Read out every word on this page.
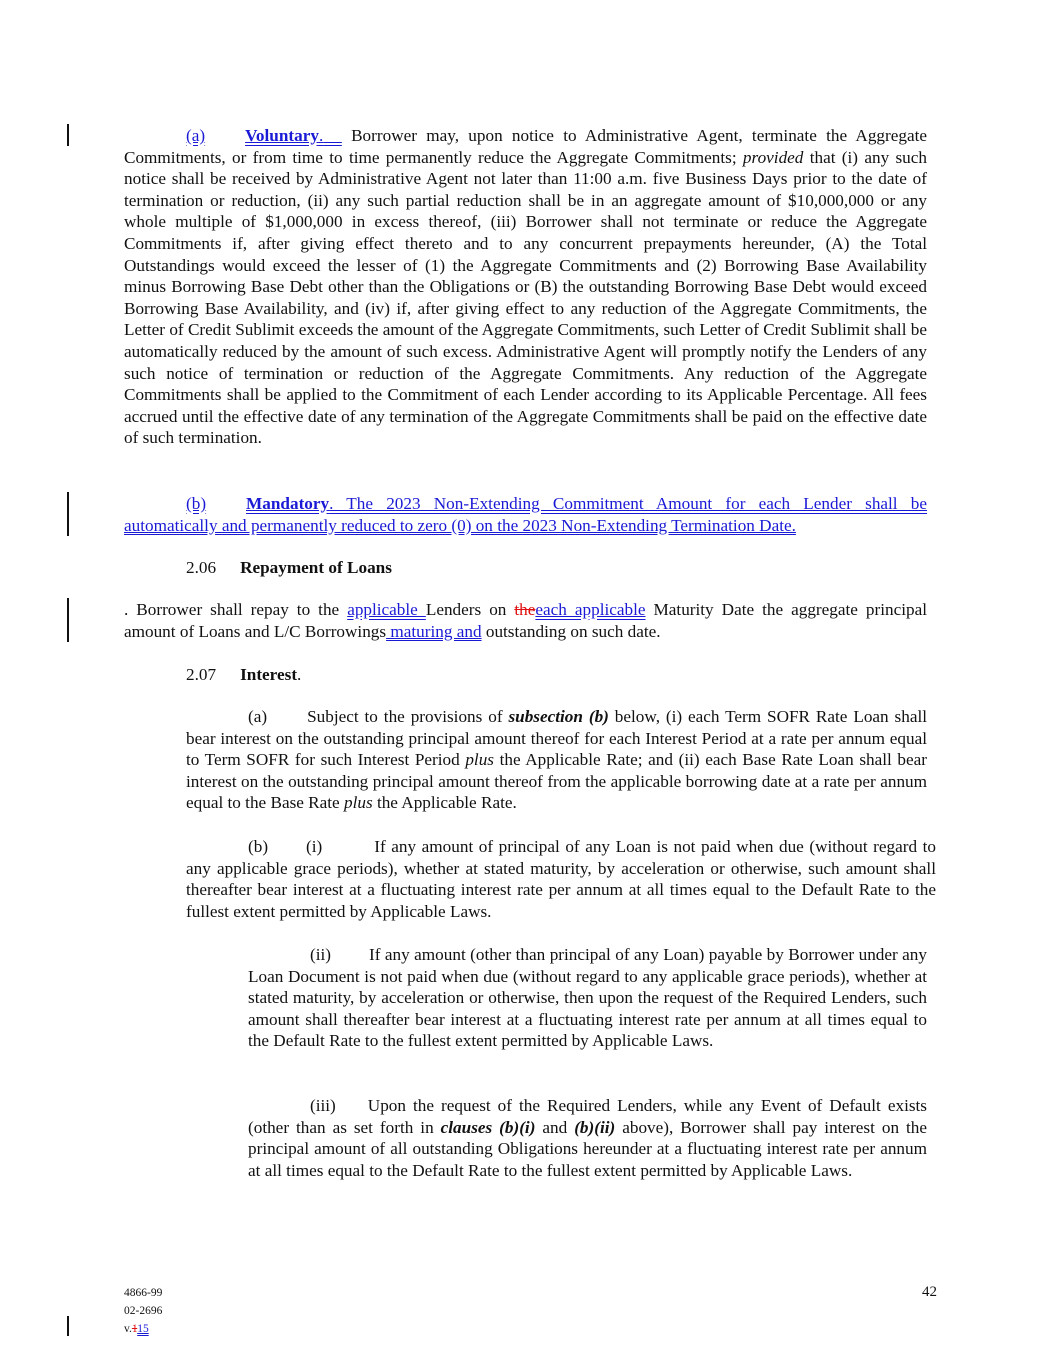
(a) Voluntary. Borrower may, upon notice to Administrative Agent, terminate the Aggregate Commitments, or from time to time permanently reduce the Aggregate Commitments; provided that (i) any such notice shall be received by Administrative Agent not later than 11:00 a.m. five Business Days prior to the date of termination or reduction, (ii) any such partial reduction shall be in an aggregate amount of $10,000,000 or any whole multiple of $1,000,000 in excess thereof, (iii) Borrower shall not terminate or reduce the Aggregate Commitments if, after giving effect thereto and to any concurrent prepayments hereunder, (A) the Total Outstandings would exceed the lesser of (1) the Aggregate Commitments and (2) Borrowing Base Availability minus Borrowing Base Debt other than the Obligations or (B) the outstanding Borrowing Base Debt would exceed Borrowing Base Availability, and (iv) if, after giving effect to any reduction of the Aggregate Commitments, the Letter of Credit Sublimit exceeds the amount of the Aggregate Commitments, such Letter of Credit Sublimit shall be automatically reduced by the amount of such excess. Administrative Agent will promptly notify the Lenders of any such notice of termination or reduction of the Aggregate Commitments. Any reduction of the Aggregate Commitments shall be applied to the Commitment of each Lender according to its Applicable Percentage. All fees accrued until the effective date of any termination of the Aggregate Commitments shall be paid on the effective date of such termination.

(b) Mandatory. The 2023 Non-Extending Commitment Amount for each Lender shall be automatically and permanently reduced to zero (0) on the 2023 Non-Extending Termination Date.

2.06 Repayment of Loans

. Borrower shall repay to the applicable Lenders on theeach applicable Maturity Date the aggregate principal amount of Loans and L/C Borrowings maturing and outstanding on such date.

2.07 Interest.

(a) Subject to the provisions of subsection (b) below, (i) each Term SOFR Rate Loan shall bear interest on the outstanding principal amount thereof for each Interest Period at a rate per annum equal to Term SOFR for such Interest Period plus the Applicable Rate; and (ii) each Base Rate Loan shall bear interest on the outstanding principal amount thereof from the applicable borrowing date at a rate per annum equal to the Base Rate plus the Applicable Rate.

(b) (i)	If any amount of principal of any Loan is not paid when due (without regard to any applicable grace periods), whether at stated maturity, by acceleration or otherwise, such amount shall thereafter bear interest at a fluctuating interest rate per annum at all times equal to the Default Rate to the fullest extent permitted by Applicable Laws.

(ii) If any amount (other than principal of any Loan) payable by Borrower under any Loan Document is not paid when due (without regard to any applicable grace periods), whether at stated maturity, by acceleration or otherwise, then upon the request of the Required Lenders, such amount shall thereafter bear interest at a fluctuating interest rate per annum at all times equal to the Default Rate to the fullest extent permitted by Applicable Laws.

(iii) Upon the request of the Required Lenders, while any Event of Default exists (other than as set forth in clauses (b)(i) and (b)(ii) above), Borrower shall pay interest on the principal amount of all outstanding Obligations hereunder at a fluctuating interest rate per annum at all times equal to the Default Rate to the fullest extent permitted by Applicable Laws.

4866-99
02-2696
v.115
42
